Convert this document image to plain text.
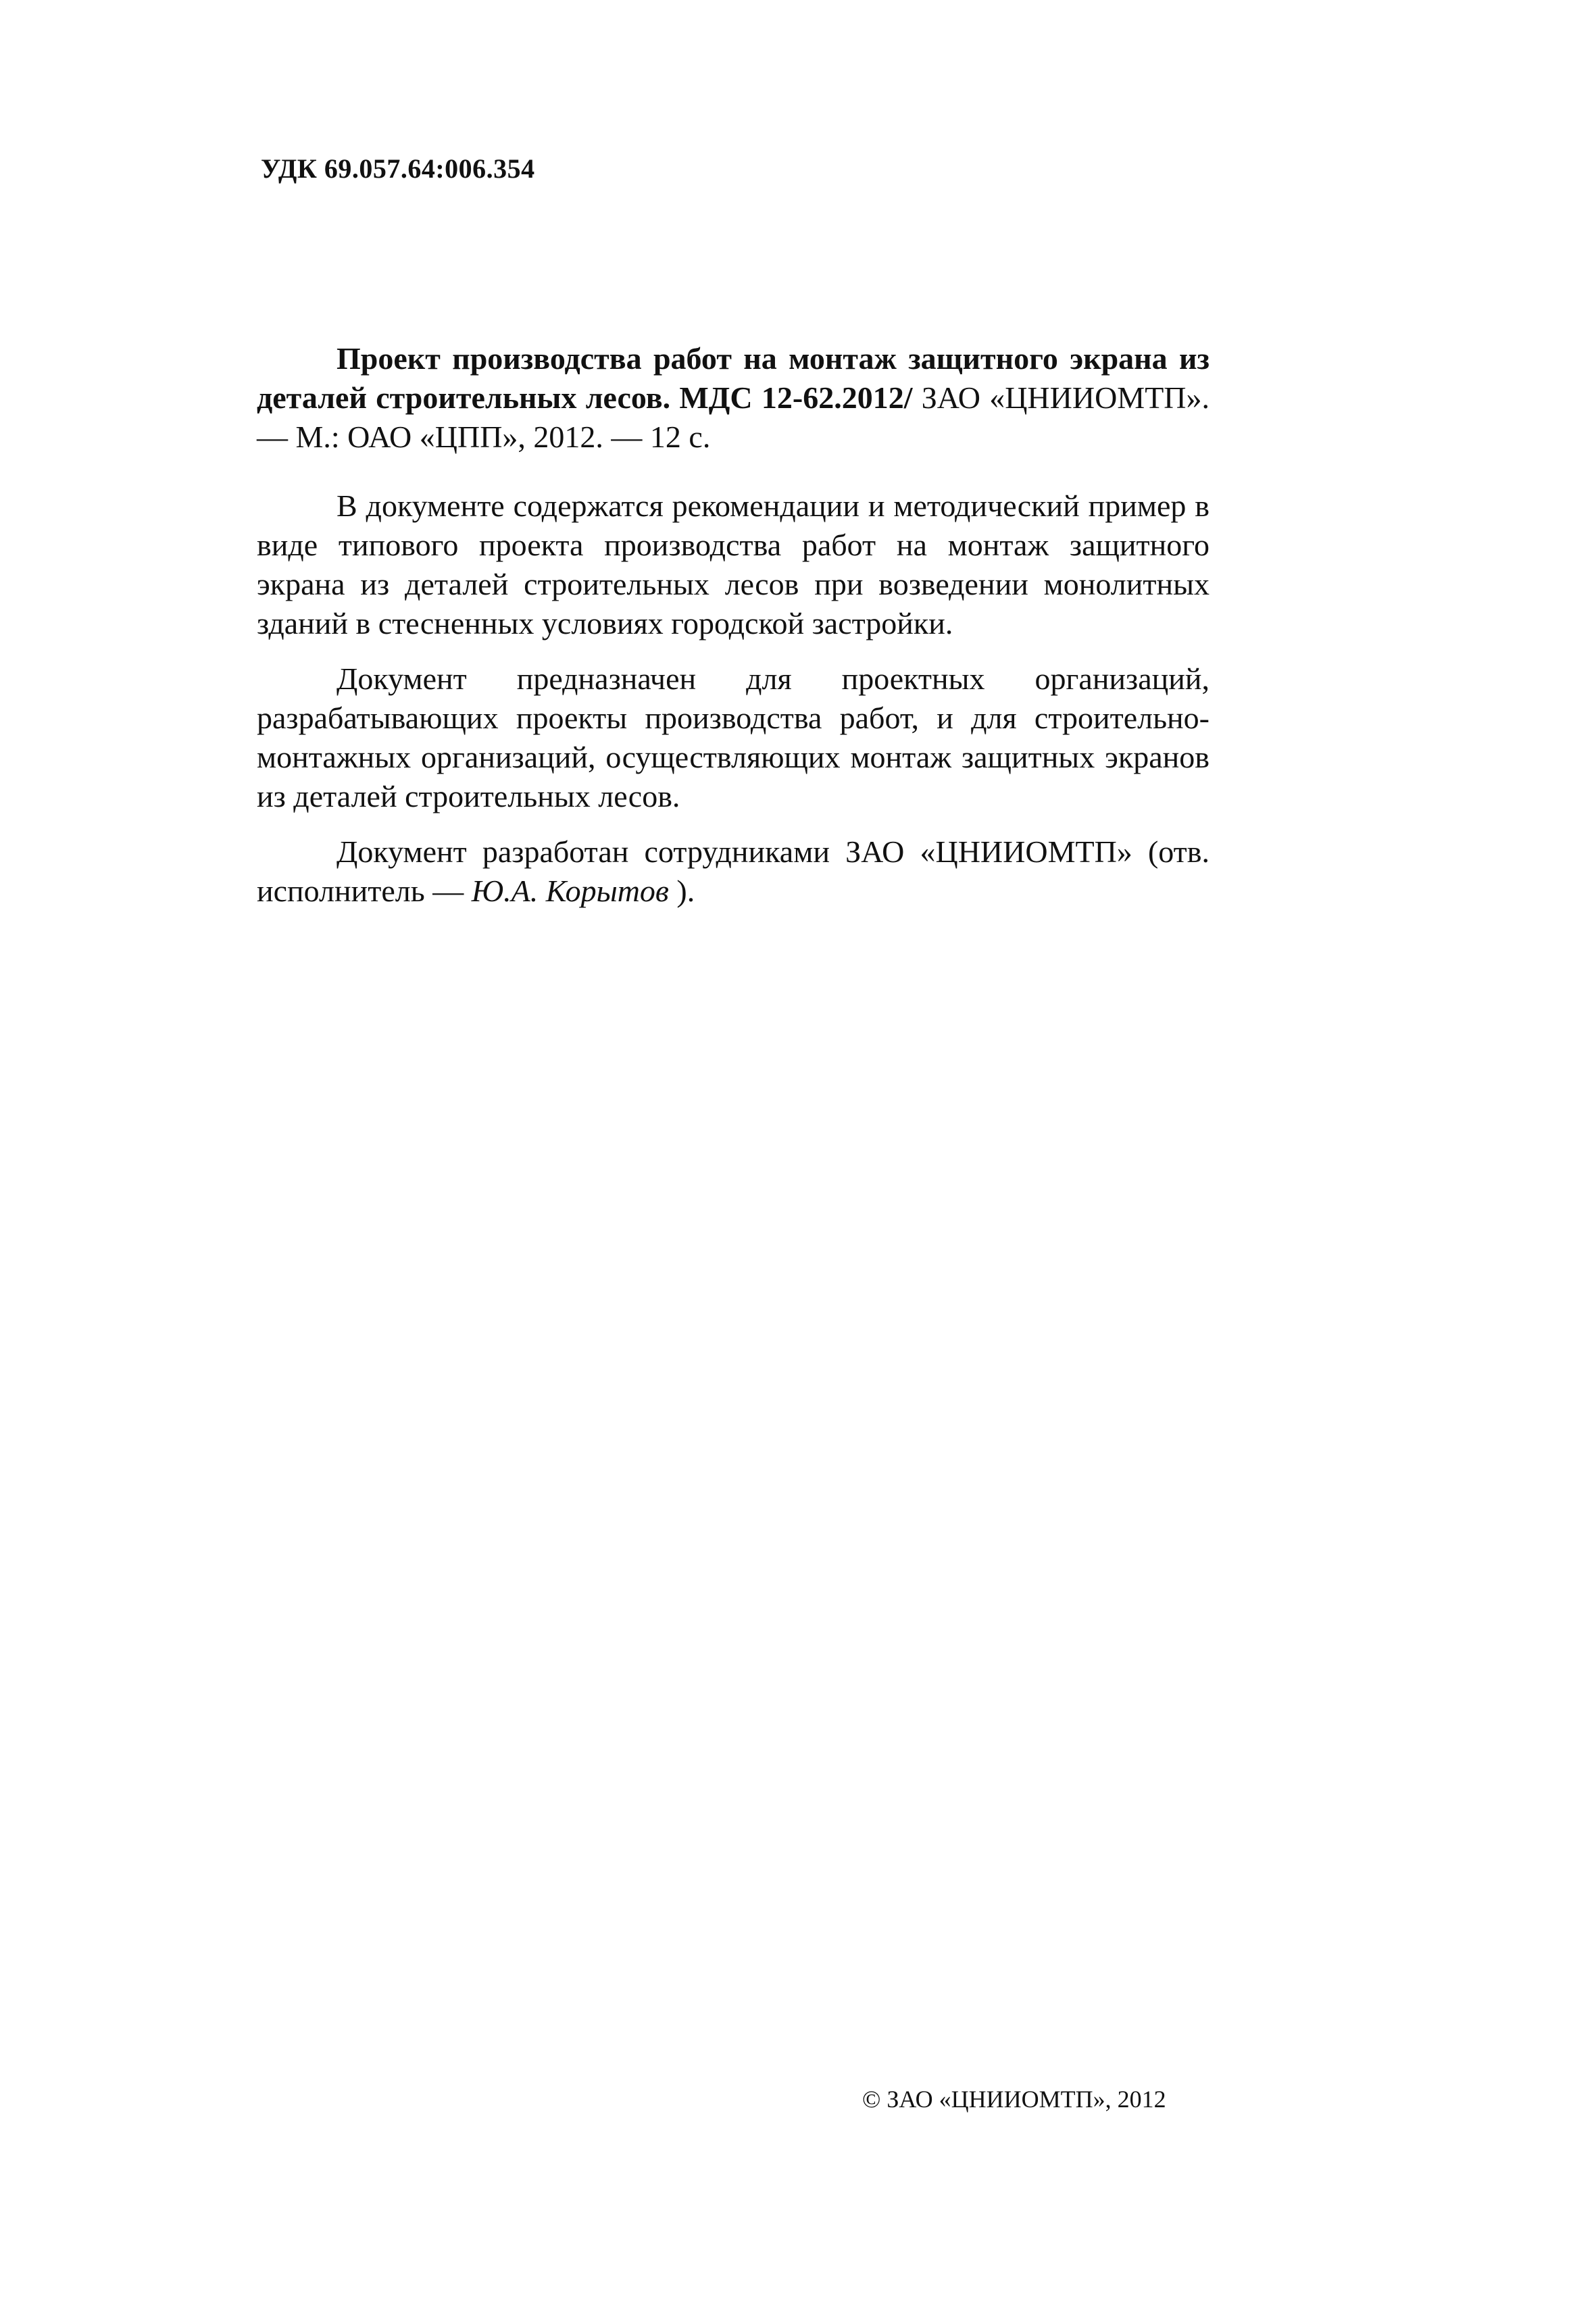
УДК 69.057.64:006.354

Проект производства работ на монтаж защитного экрана из деталей строительных лесов. МДС 12-62.2012/ ЗАО «ЦНИИОМТП». — М.: ОАО «ЦПП», 2012. — 12 с.

В документе содержатся рекомендации и методический пример в виде типового проекта производства работ на монтаж защитного экрана из деталей строительных лесов при возведении монолитных зданий в стесненных условиях городской застройки.

Документ предназначен для проектных организаций, разрабатывающих проекты производства работ, и для строительно-монтажных организаций, осуществляющих монтаж защитных экранов из деталей строительных лесов.

Документ разработан сотрудниками ЗАО «ЦНИИОМТП» (отв. исполнитель — Ю.А. Корытов ).

© ЗАО «ЦНИИОМТП», 2012
